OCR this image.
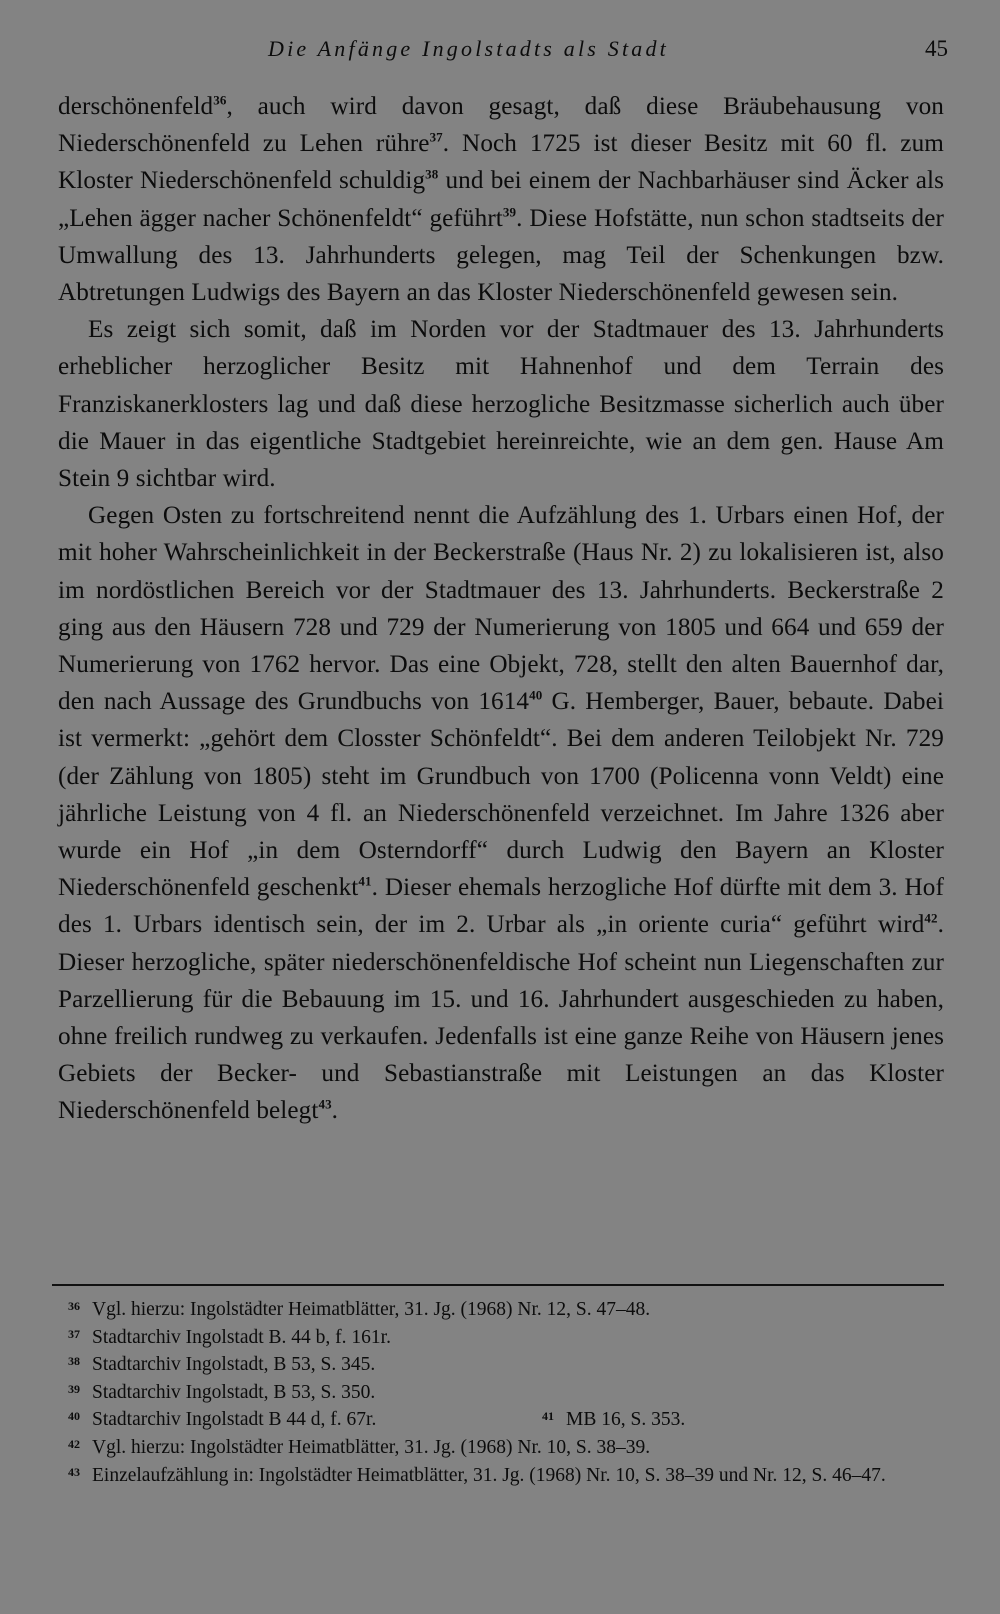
Die Anfänge Ingolstadts als Stadt	45

derschönenfeld$^{36}$, auch wird davon gesagt, daß diese Bräubehausung von Niederschönenfeld zu Lehen rühre$^{37}$. Noch 1725 ist dieser Besitz mit 60 fl. zum Kloster Niederschönenfeld schuldig$^{38}$ und bei einem der Nachbarhäuser sind Äcker als „Lehen ägger nacher Schönenfeldt“ geführt$^{39}$. Diese Hofstätte, nun schon stadtseits der Umwallung des 13. Jahrhunderts gelegen, mag Teil der Schenkungen bzw. Abtretungen Ludwigs des Bayern an das Kloster Niederschönenfeld gewesen sein.

Es zeigt sich somit, daß im Norden vor der Stadtmauer des 13. Jahrhunderts erheblicher herzoglicher Besitz mit Hahnenhof und dem Terrain des Franziskanerklosters lag und daß diese herzogliche Besitzmasse sicherlich auch über die Mauer in das eigentliche Stadtgebiet hereinreichte, wie an dem gen. Hause Am Stein 9 sichtbar wird.

Gegen Osten zu fortschreitend nennt die Aufzählung des 1. Urbars einen Hof, der mit hoher Wahrscheinlichkeit in der Beckerstraße (Haus Nr. 2) zu lokalisieren ist, also im nordöstlichen Bereich vor der Stadtmauer des 13. Jahrhunderts. Beckerstraße 2 ging aus den Häusern 728 und 729 der Numerierung von 1805 und 664 und 659 der Numerierung von 1762 hervor. Das eine Objekt, 728, stellt den alten Bauernhof dar, den nach Aussage des Grundbuchs von 1614$^{40}$ G. Hemberger, Bauer, bebaute. Dabei ist vermerkt: „gehört dem Closster Schönfeldt“. Bei dem anderen Teilobjekt Nr. 729 (der Zählung von 1805) steht im Grundbuch von 1700 (Policenna vonn Veldt) eine jährliche Leistung von 4 fl. an Niederschönenfeld verzeichnet. Im Jahre 1326 aber wurde ein Hof „in dem Osterndorff“ durch Ludwig den Bayern an Kloster Niederschönenfeld geschenkt$^{41}$. Dieser ehemals herzogliche Hof dürfte mit dem 3. Hof des 1. Urbars identisch sein, der im 2. Urbar als „in oriente curia“ geführt wird$^{42}$. Dieser herzogliche, später niederschönenfeldische Hof scheint nun Liegenschaften zur Parzellierung für die Bebauung im 15. und 16. Jahrhundert ausgeschieden zu haben, ohne freilich rundweg zu verkaufen. Jedenfalls ist eine ganze Reihe von Häusern jenes Gebiets der Becker- und Sebastianstraße mit Leistungen an das Kloster Niederschönenfeld belegt$^{43}$.

36 Vgl. hierzu: Ingolstädter Heimatblätter, 31. Jg. (1968) Nr. 12, S. 47–48.

37 Stadtarchiv Ingolstadt B. 44 b, f. 161r.

38 Stadtarchiv Ingolstadt, B 53, S. 345.

39 Stadtarchiv Ingolstadt, B 53, S. 350.

40 Stadtarchiv Ingolstadt B 44 d, f. 67r.	41 MB 16, S. 353.

42 Vgl. hierzu: Ingolstädter Heimatblätter, 31. Jg. (1968) Nr. 10, S. 38–39.

43 Einzelaufzählung in: Ingolstädter Heimatblätter, 31. Jg. (1968) Nr. 10, S. 38–39 und Nr. 12, S. 46–47.
